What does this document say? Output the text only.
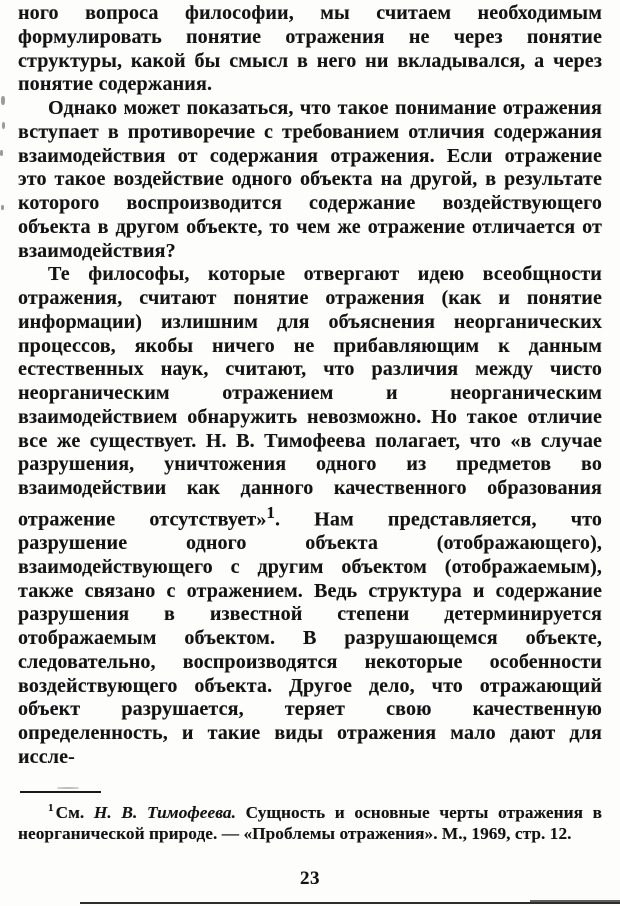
ного вопроса философии, мы считаем необходимым формулировать понятие отражения не через понятие структуры, какой бы смысл в него ни вкладывался, а через понятие содержания.

Однако может показаться, что такое понимание отражения вступает в противоречие с требованием отличия содержания взаимодействия от содержания отражения. Если отражение это такое воздействие одного объекта на другой, в результате которого воспроизводится содержание воздействующего объекта в другом объекте, то чем же отражение отличается от взаимодействия?

Те философы, которые отвергают идею всеобщности отражения, считают понятие отражения (как и понятие информации) излишним для объяснения неорганических процессов, якобы ничего не прибавляющим к данным естественных наук, считают, что различия между чисто неорганическим отражением и неорганическим взаимодействием обнаружить невозможно. Но такое отличие все же существует. Н. В. Тимофеева полагает, что «в случае разрушения, уничтожения одного из предметов во взаимодействии как данного качественного образования отражение отсутствует»$^1$. Нам представляется, что разрушение одного объекта (отображающего), взаимодействующего с другим объектом (отображаемым), также связано с отражением. Ведь структура и содержание разрушения в известной степени детерминируется отображаемым объектом. В разрушающемся объекте, следовательно, воспроизводятся некоторые особенности воздействующего объекта. Другое дело, что отражающий объект разрушается, теряет свою качественную определенность, и такие виды отражения мало дают для иссле-

$^1$ См. Н. В. Тимофеева. Сущность и основные черты отражения в неорганической природе. — «Проблемы отражения». М., 1969, стр. 12.

23
